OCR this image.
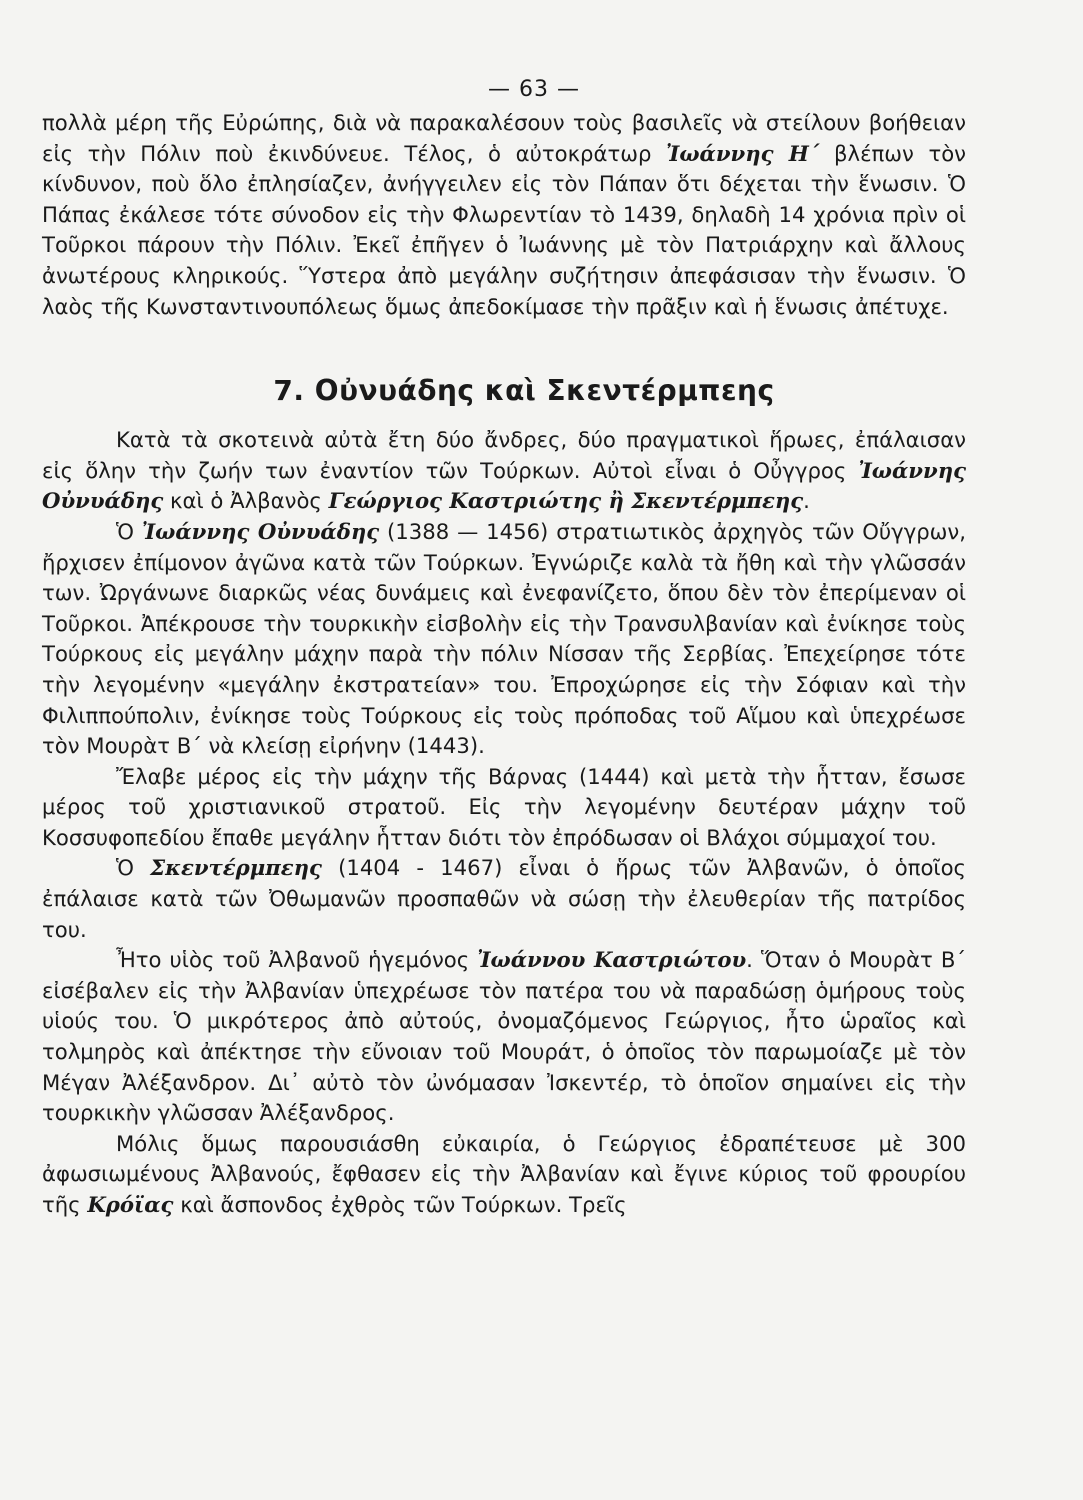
— 63 —

πολλὰ μέρη τῆς Εὐρώπης, διὰ νὰ παρακαλέσουν τοὺς βασιλεῖς νὰ στείλουν βοήθειαν εἰς τὴν Πόλιν ποὺ ἐκινδύνευε. Τέλος, ὁ αὐτοκράτωρ Ἰωάννης Η΄ βλέπων τὸν κίνδυνον, ποὺ ὅλο ἐπλησίαζεν, ἀνήγγειλεν εἰς τὸν Πάπαν ὅτι δέχεται τὴν ἕνωσιν. Ὁ Πάπας ἐκάλεσε τότε σύνοδον εἰς τὴν Φλωρεντίαν τὸ 1439, δηλαδὴ 14 χρόνια πρὶν οἱ Τοῦρκοι πάρουν τὴν Πόλιν. Ἐκεῖ ἐπῆγεν ὁ Ἰωάννης μὲ τὸν Πατριάρχην καὶ ἄλλους ἀνωτέρους κληρικούς. Ὕστερα ἀπὸ μεγάλην συζήτησιν ἀπεφάσισαν τὴν ἕνωσιν. Ὁ λαὸς τῆς Κωνσταντινουπόλεως ὅμως ἀπεδοκίμασε τὴν πρᾶξιν καὶ ἡ ἕνωσις ἀπέτυχε.

7. Οὐνυάδης καὶ Σκεντέρμπεης

Κατὰ τὰ σκοτεινὰ αὐτὰ ἔτη δύο ἄνδρες, δύο πραγματικοὶ ἥρωες, ἐπάλαισαν εἰς ὅλην τὴν ζωήν των ἐναντίον τῶν Τούρκων. Αὐτοὶ εἶναι ὁ Οὖγγρος Ἰωάννης Οὐνυάδης καὶ ὁ Ἀλβανὸς Γεώργιος Καστριώτης ἢ Σκεντέρμπεης.

Ὁ Ἰωάννης Οὐνυάδης (1388 — 1456) στρατιωτικὸς ἀρχηγὸς τῶν Οὔγγρων, ἤρχισεν ἐπίμονον ἀγῶνα κατὰ τῶν Τούρκων. Ἐγνώριζε καλὰ τὰ ἤθη καὶ τὴν γλῶσσάν των. Ὠργάνωνε διαρκῶς νέας δυνάμεις καὶ ἐνεφανίζετο, ὅπου δὲν τὸν ἐπερίμεναν οἱ Τοῦρκοι. Ἀπέκρουσε τὴν τουρκικὴν εἰσβολὴν εἰς τὴν Τρανσυλβανίαν καὶ ἐνίκησε τοὺς Τούρκους εἰς μεγάλην μάχην παρὰ τὴν πόλιν Νίσσαν τῆς Σερβίας. Ἐπεχείρησε τότε τὴν λεγομένην «μεγάλην ἐκστρατείαν» του. Ἐπροχώρησε εἰς τὴν Σόφιαν καὶ τὴν Φιλιππούπολιν, ἐνίκησε τοὺς Τούρκους εἰς τοὺς πρόποδας τοῦ Αἵμου καὶ ὑπεχρέωσε τὸν Μουρὰτ Β΄ νὰ κλείσῃ εἰρήνην (1443).

Ἔλαβε μέρος εἰς τὴν μάχην τῆς Βάρνας (1444) καὶ μετὰ τὴν ἧτταν, ἔσωσε μέρος τοῦ χριστιανικοῦ στρατοῦ. Εἰς τὴν λεγομένην δευτέραν μάχην τοῦ Κοσσυφοπεδίου ἔπαθε μεγάλην ἧτταν διότι τὸν ἐπρόδωσαν οἱ Βλάχοι σύμμαχοί του.

Ὁ Σκεντέρμπεης (1404 - 1467) εἶναι ὁ ἥρως τῶν Ἀλβανῶν, ὁ ὁποῖος ἐπάλαισε κατὰ τῶν Ὀθωμανῶν προσπαθῶν νὰ σώσῃ τὴν ἐλευθερίαν τῆς πατρίδος του.

Ἦτο υἱὸς τοῦ Ἀλβανοῦ ἡγεμόνος Ἰωάννου Καστριώτου. Ὅταν ὁ Μουρὰτ Β΄ εἰσέβαλεν εἰς τὴν Ἀλβανίαν ὑπεχρέωσε τὸν πατέρα του νὰ παραδώσῃ ὁμήρους τοὺς υἱούς του. Ὁ μικρότερος ἀπὸ αὐτούς, ὀνομαζόμενος Γεώργιος, ἦτο ὡραῖος καὶ τολμηρὸς καὶ ἀπέκτησε τὴν εὔνοιαν τοῦ Μουράτ, ὁ ὁποῖος τὸν παρωμοίαζε μὲ τὸν Μέγαν Ἀλέξανδρον. Δι᾽ αὐτὸ τὸν ὠνόμασαν Ἰσκεντέρ, τὸ ὁποῖον σημαίνει εἰς τὴν τουρκικὴν γλῶσσαν Ἀλέξανδρος.

Μόλις ὅμως παρουσιάσθη εὐκαιρία, ὁ Γεώργιος ἐδραπέτευσε μὲ 300 ἀφωσιωμένους Ἀλβανούς, ἔφθασεν εἰς τὴν Ἀλβανίαν καὶ ἔγινε κύριος τοῦ φρουρίου τῆς Κρόϊας καὶ ἄσπονδος ἐχθρὸς τῶν Τούρκων. Τρεῖς
